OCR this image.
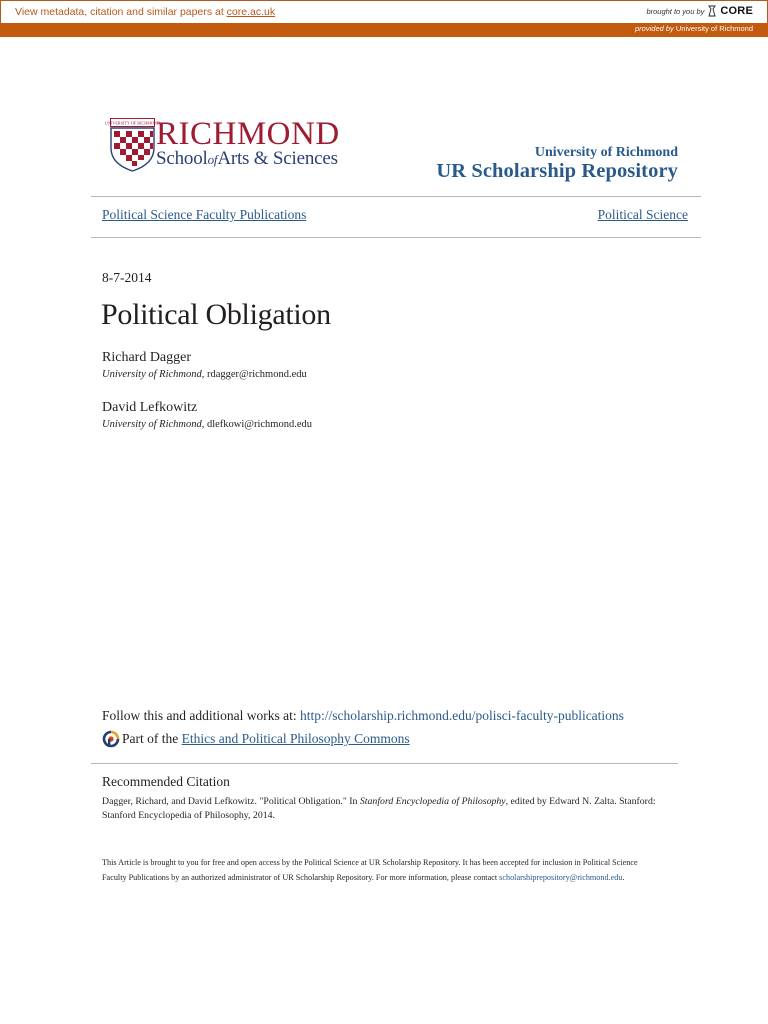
View metadata, citation and similar papers at core.ac.uk	brought to you by CORE
provided by University of Richmond
UNIVERSITY OF RICHMOND
RICHMOND
SchoolofArts & Sciences	University of Richmond
UR Scholarship Repository
Political Science Faculty Publications	Political Science
8-7-2014
Political Obligation
Richard Dagger
University of Richmond, rdagger@richmond.edu
David Lefkowitz
University of Richmond, dlefkowi@richmond.edu
Follow this and additional works at: http://scholarship.richmond.edu/polisci-faculty-publications
Part of the
Ethics and Political Philosophy Commons
Recommended Citation
Dagger, Richard, and David Lefkowitz. "Political Obligation." In Stanford Encyclopedia of Philosophy, edited by Edward N. Zalta. Stanford: Stanford Encyclopedia of Philosophy, 2014.
This Article is brought to you for free and open access by the Political Science at UR Scholarship Repository. It has been accepted for inclusion in Political Science Faculty Publications by an authorized administrator of UR Scholarship Repository. For more information, please contact scholarshiprepository@richmond.edu.
